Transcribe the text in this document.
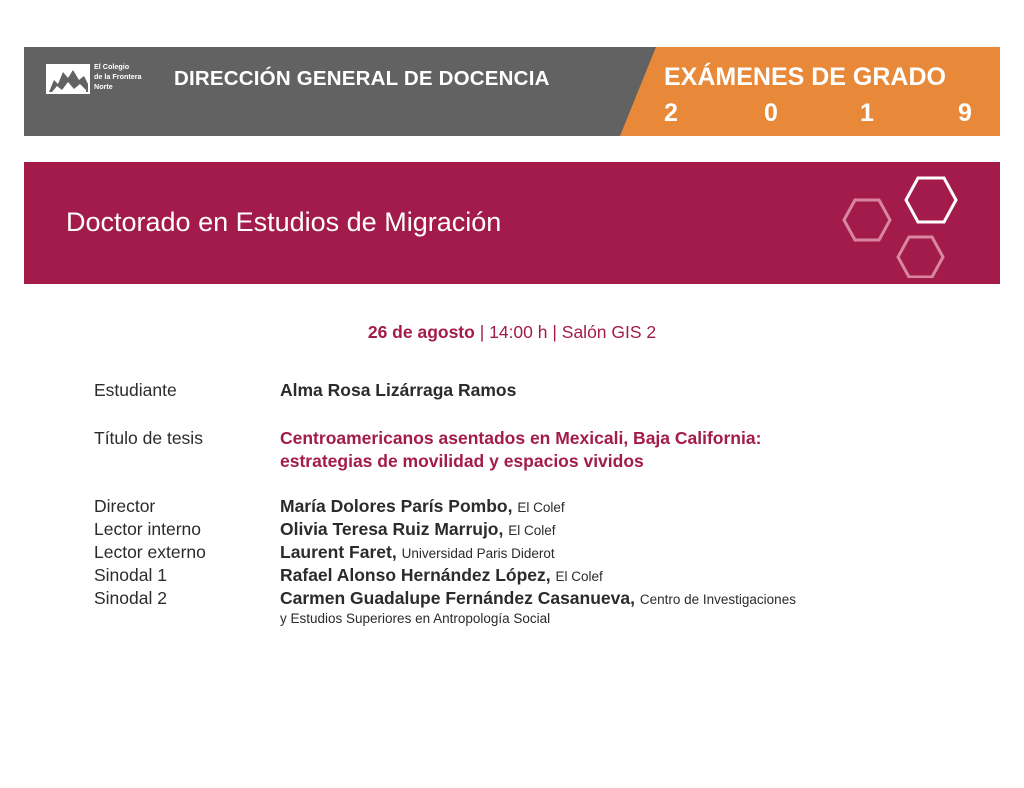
El Colegio
de la Frontera
Norte	DIRECCIÓN GENERAL DE DOCENCIA	EXÁMENES DE GRADO
2	0	1	9
Doctorado en Estudios de Migración
26 de agosto | 14:00 h | Salón GIS 2
Estudiante	Alma Rosa Lizárraga Ramos
Título de tesis	Centroamericanos asentados en Mexicali, Baja California:
estrategias de movilidad y espacios vividos
Director	María Dolores París Pombo, El Colef
Lector interno	Olivia Teresa Ruiz Marrujo, El Colef
Lector externo	Laurent Faret, Universidad Paris Diderot
Sinodal 1	Rafael Alonso Hernández López, El Colef
Sinodal 2	Carmen Guadalupe Fernández Casanueva, Centro de Investigaciones
y Estudios Superiores en Antropología Social
